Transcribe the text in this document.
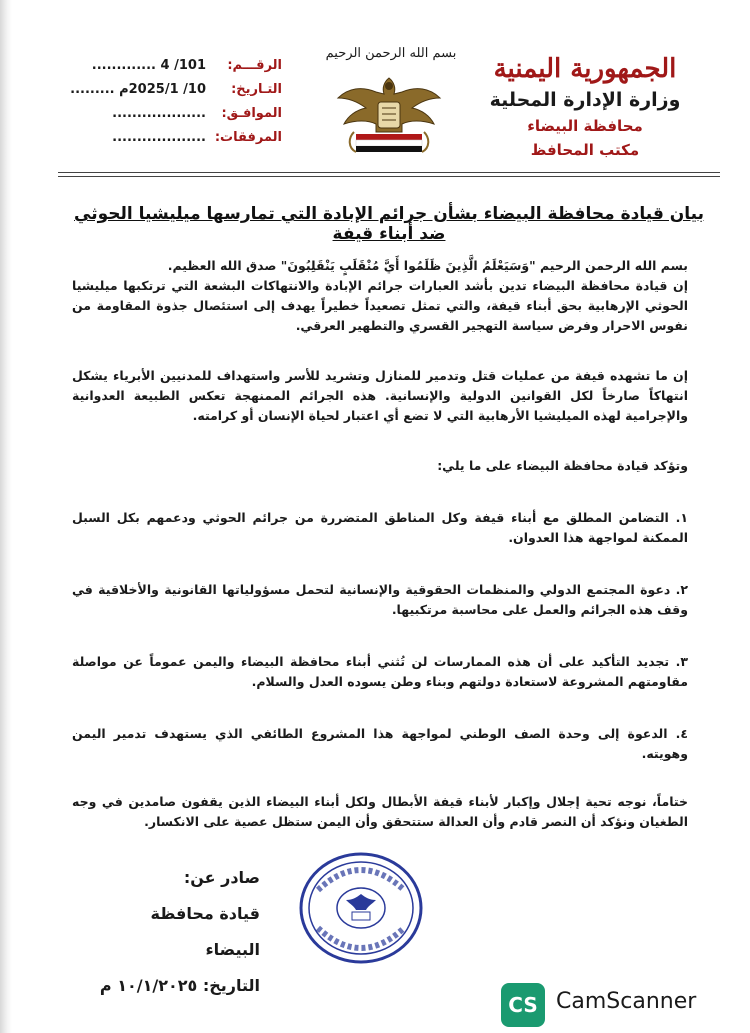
الجمهورية اليمنية
وزارة الإدارة المحلية
محافظة البيضاء
مكتب المحافظ
بسم الله الرحمن الرحيم
الرقـــم:
101/ 4 .............
التـاريخ:
10/ 2025/1م .........
الموافـق:
...................
المرفقات:
...................
بيان قيادة محافظة البيضاء بشأن جرائم الإبادة التي تمارسها ميليشيا الحوثي ضد أبناء قيفة

بسم الله الرحمن الرحيم "وَسَيَعْلَمُ الَّذِينَ ظَلَمُوا أَيَّ مُنْقَلَبٍ يَنْقَلِبُونَ" صدق الله العظيم.

إن قيادة محافظة البيضاء تدين بأشد العبارات جرائم الإبادة والانتهاكات البشعة التي ترتكبها ميليشيا الحوثي الإرهابية بحق أبناء قيفة، والتي تمثل تصعيداً خطيراً يهدف إلى استئصال جذوة المقاومة من نفوس الاحرار وفرض سياسة التهجير القسري والتطهير العرقي.

إن ما تشهده قيفة من عمليات قتل وتدمير للمنازل وتشريد للأسر واستهداف للمدنيين الأبرياء يشكل انتهاكاً صارخاً لكل القوانين الدولية والإنسانية. هذه الجرائم الممنهجة تعكس الطبيعة العدوانية والإجرامية لهذه الميليشيا الأرهابية التي لا تضع أي اعتبار لحياة الإنسان أو كرامته.

وتؤكد قيادة محافظة البيضاء على ما يلي:

١. التضامن المطلق مع أبناء قيفة وكل المناطق المتضررة من جرائم الحوثي ودعمهم بكل السبل الممكنة لمواجهة هذا العدوان.

٢. دعوة المجتمع الدولي والمنظمات الحقوقية والإنسانية لتحمل مسؤولياتها القانونية والأخلاقية في وقف هذه الجرائم والعمل على محاسبة مرتكبيها.

٣. تجديد التأكيد على أن هذه الممارسات لن تُثني أبناء محافظة البيضاء واليمن عموماً عن مواصلة مقاومتهم المشروعة لاستعادة دولتهم وبناء وطن يسوده العدل والسلام.

٤. الدعوة إلى وحدة الصف الوطني لمواجهة هذا المشروع الطائفي الذي يستهدف تدمير اليمن وهويته.

ختاماً، نوجه تحية إجلال وإكبار لأبناء قيفة الأبطال ولكل أبناء البيضاء الذين يقفون صامدين في وجه الطغيان ونؤكد أن النصر قادم وأن العدالة ستتحقق وأن اليمن ستظل عصية على الانكسار.

صادر عن:
قيادة محافظة البيضاء
التاريخ: ١٠/١/٢٠٢٥ م
CS CamScanner
